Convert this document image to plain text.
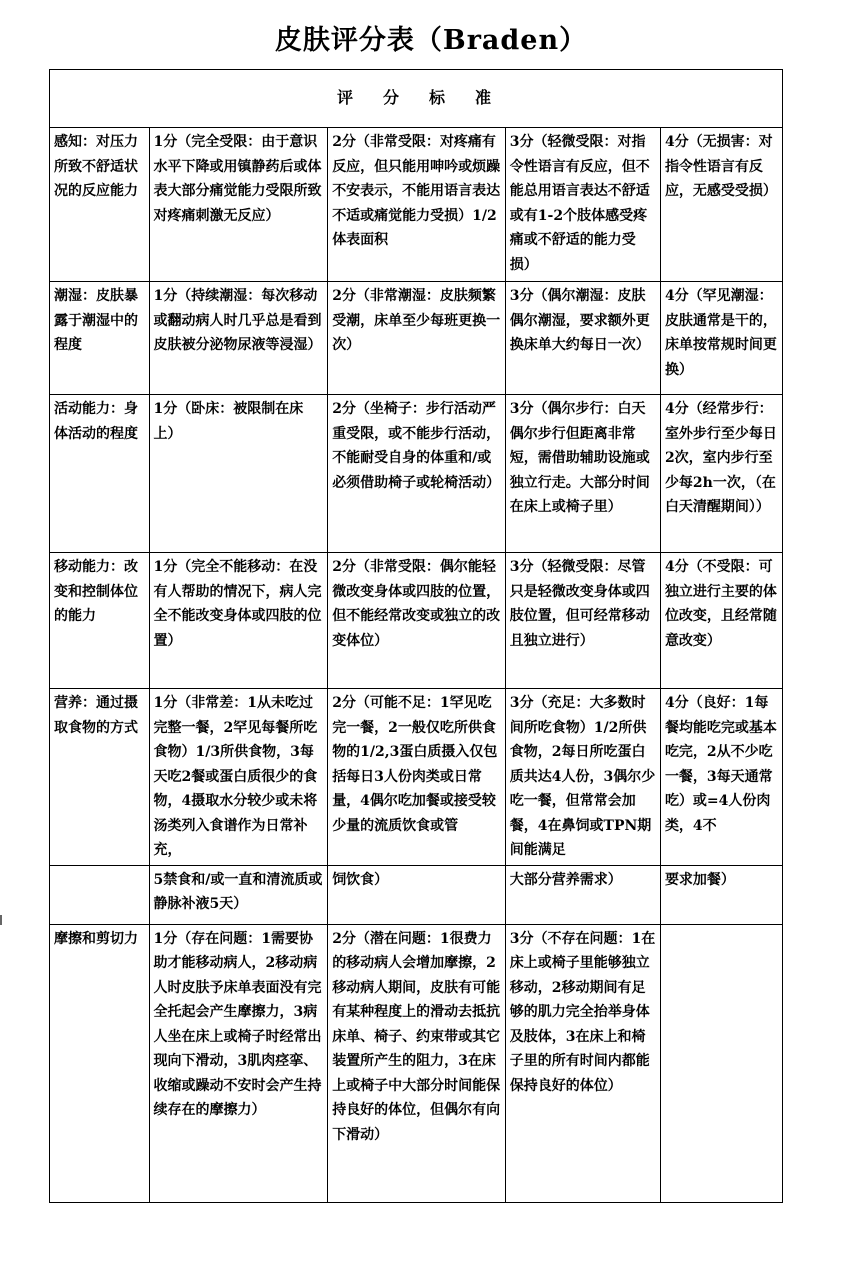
皮肤评分表（Braden）
评分标准				
感知：对压力所致不舒适状况的反应能力	1分（完全受限：由于意识水平下降或用镇静药后或体表大部分痛觉能力受限所致对疼痛刺激无反应）	2分（非常受限：对疼痛有反应，但只能用呻吟或烦躁不安表示，不能用语言表达不适或痛觉能力受损）1/2体表面积	3分（轻微受限：对指令性语言有反应，但不能总用语言表达不舒适或有1-2个肢体感受疼痛或不舒适的能力受损）	4分（无损害：对指令性语言有反应，无感受受损）
潮湿：皮肤暴露于潮湿中的程度	1分（持续潮湿：每次移动或翻动病人时几乎总是看到皮肤被分泌物尿液等浸湿）	2分（非常潮湿：皮肤频繁受潮，床单至少每班更换一次）	3分（偶尔潮湿：皮肤偶尔潮湿，要求额外更换床单大约每日一次）	4分（罕见潮湿：皮肤通常是干的，床单按常规时间更换）
活动能力：身体活动的程度	1分（卧床：被限制在床上）	2分（坐椅子：步行活动严重受限，或不能步行活动，不能耐受自身的体重和/或必须借助椅子或轮椅活动）	3分（偶尔步行：白天偶尔步行但距离非常短，需借助辅助设施或独立行走。大部分时间在床上或椅子里）	4分（经常步行：室外步行至少每日2次，室内步行至少每2h一次，（在白天清醒期间））
移动能力：改变和控制体位的能力	1分（完全不能移动：在没有人帮助的情况下，病人完全不能改变身体或四肢的位置）	2分（非常受限：偶尔能轻微改变身体或四肢的位置，但不能经常改变或独立的改变体位）	3分（轻微受限：尽管只是轻微改变身体或四肢位置，但可经常移动且独立进行）	4分（不受限：可独立进行主要的体位改变，且经常随意改变）
营养：通过摄取食物的方式	1分（非常差：1从未吃过完整一餐，2罕见每餐所吃食物）1/3所供食物，3每天吃2餐或蛋白质很少的食物，4摄取水分较少或未将汤类列入食谱作为日常补充，	2分（可能不足：1罕见吃完一餐，2一般仅吃所供食物的1/2,3蛋白质摄入仅包括每日3人份肉类或日常量，4偶尔吃加餐或接受较少量的流质饮食或管	3分（充足：大多数时间所吃食物）1/2所供食物，2每日所吃蛋白质共达4人份，3偶尔少吃一餐，但常常会加餐，4在鼻饲或TPN期间能满足	4分（良好：1每餐均能吃完或基本吃完，2从不少吃一餐，3每天通常吃）或=4人份肉类，4不
	5禁食和/或一直和清流质或静脉补液5天）	饲饮食）	大部分营养需求）	要求加餐）
摩擦和剪切力	1分（存在问题：1需要协助才能移动病人，2移动病人时皮肤予床单表面没有完全托起会产生摩擦力，3病人坐在床上或椅子时经常出现向下滑动，3肌肉痉挛、收缩或躁动不安时会产生持续存在的摩擦力）	2分（潜在问题：1很费力的移动病人会增加摩擦，2移动病人期间，皮肤有可能有某种程度上的滑动去抵抗床单、椅子、约束带或其它装置所产生的阻力，3在床上或椅子中大部分时间能保持良好的体位，但偶尔有向下滑动）	3分（不存在问题：1在床上或椅子里能够独立移动，2移动期间有足够的肌力完全抬举身体及肢体，3在床上和椅子里的所有时间内都能保持良好的体位）	
